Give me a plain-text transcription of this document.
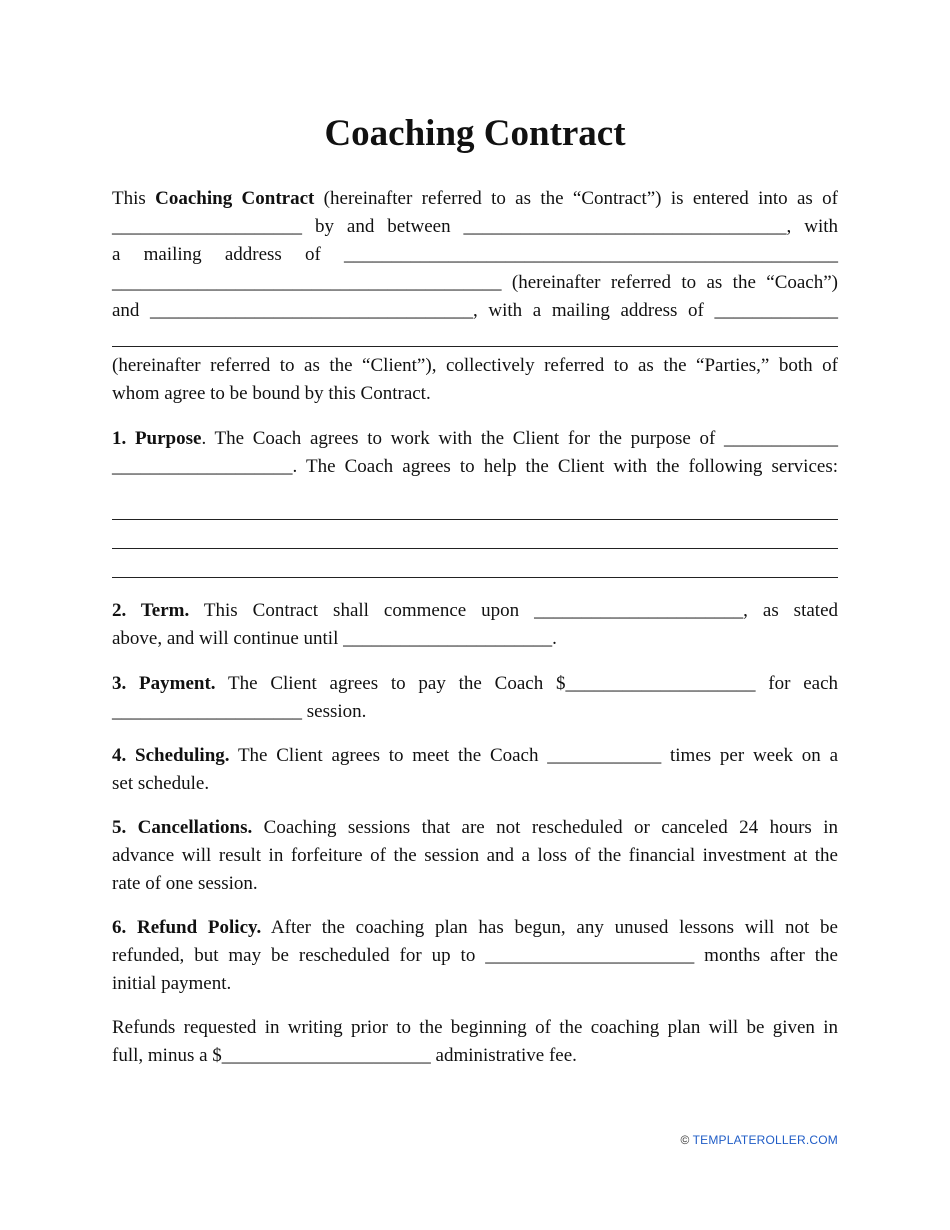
Coaching Contract
This Coaching Contract (hereinafter referred to as the “Contract”) is entered into as of
____________________ by and between __________________________________, with
a mailing address of ____________________________________________________
_________________________________________ (hereinafter referred to as the “Coach”)
and __________________________________, with a mailing address of _____________
(hereinafter referred to as the “Client”), collectively referred to as the “Parties,” both of
whom agree to be bound by this Contract.
1. Purpose. The Coach agrees to work with the Client for the purpose of ____________
___________________. The Coach agrees to help the Client with the following services:
2. Term. This Contract shall commence upon ______________________, as stated
above, and will continue until ______________________.
3. Payment. The Client agrees to pay the Coach $____________________ for each
____________________ session.
4. Scheduling. The Client agrees to meet the Coach ____________ times per week on a
set schedule.
5. Cancellations. Coaching sessions that are not rescheduled or canceled 24 hours in
advance will result in forfeiture of the session and a loss of the financial investment at the
rate of one session.
6. Refund Policy. After the coaching plan has begun, any unused lessons will not be
refunded, but may be rescheduled for up to ______________________ months after the
initial payment.
Refunds requested in writing prior to the beginning of the coaching plan will be given in
full, minus a $______________________ administrative fee.
© TEMPLATEROLLER.COM
